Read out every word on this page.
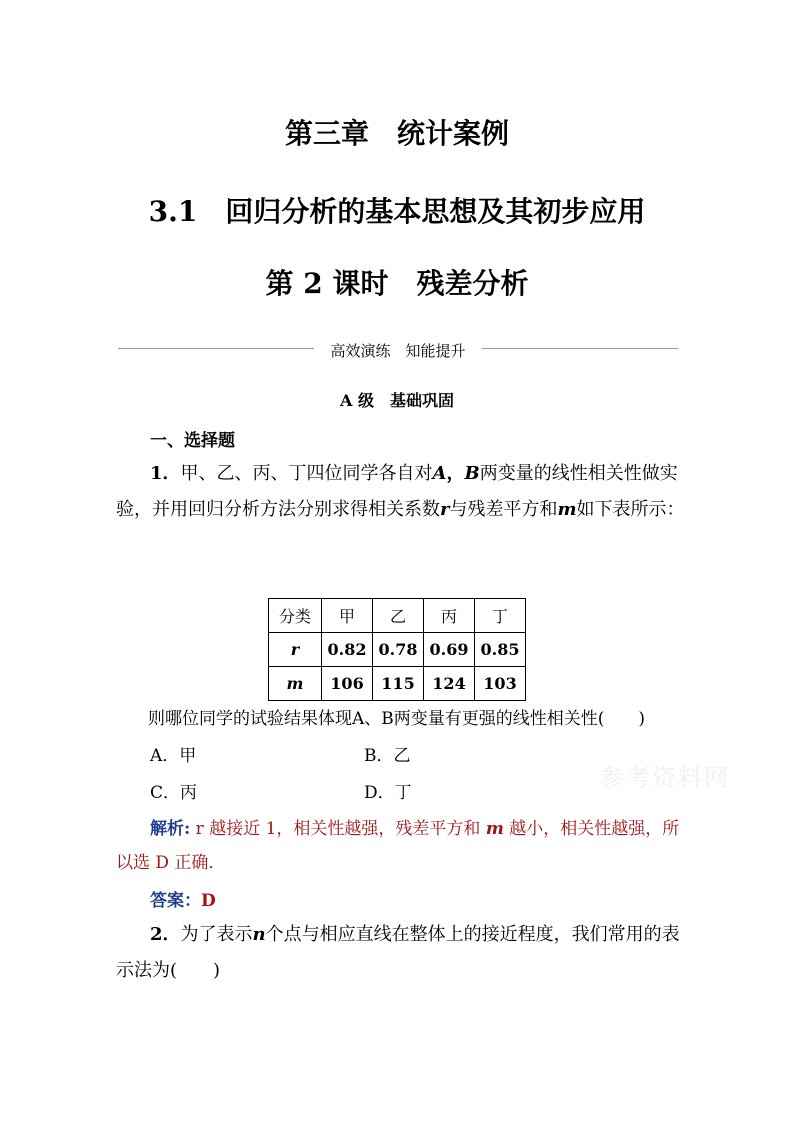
第三章　统计案例
3.1　回归分析的基本思想及其初步应用
第 2 课时　残差分析
高效演练　知能提升
A 级　基础巩固
一、选择题
1．甲、乙、丙、丁四位同学各自对A，B两变量的线性相关性做实验，并用回归分析方法分别求得相关系数r与残差平方和m如下表所示：
分类	甲	乙	丙	丁
r	0.82	0.78	0.69	0.85
m	106	115	124	103
则哪位同学的试验结果体现A、B两变量有更强的线性相关性(　　)
A．甲	B．乙
C．丙	D．丁
参考资料网
解析: r 越接近 1，相关性越强，残差平方和 m 越小，相关性越强，所以选 D 正确．
答案：D
2．为了表示n个点与相应直线在整体上的接近程度，我们常用的表示法为(　　)
